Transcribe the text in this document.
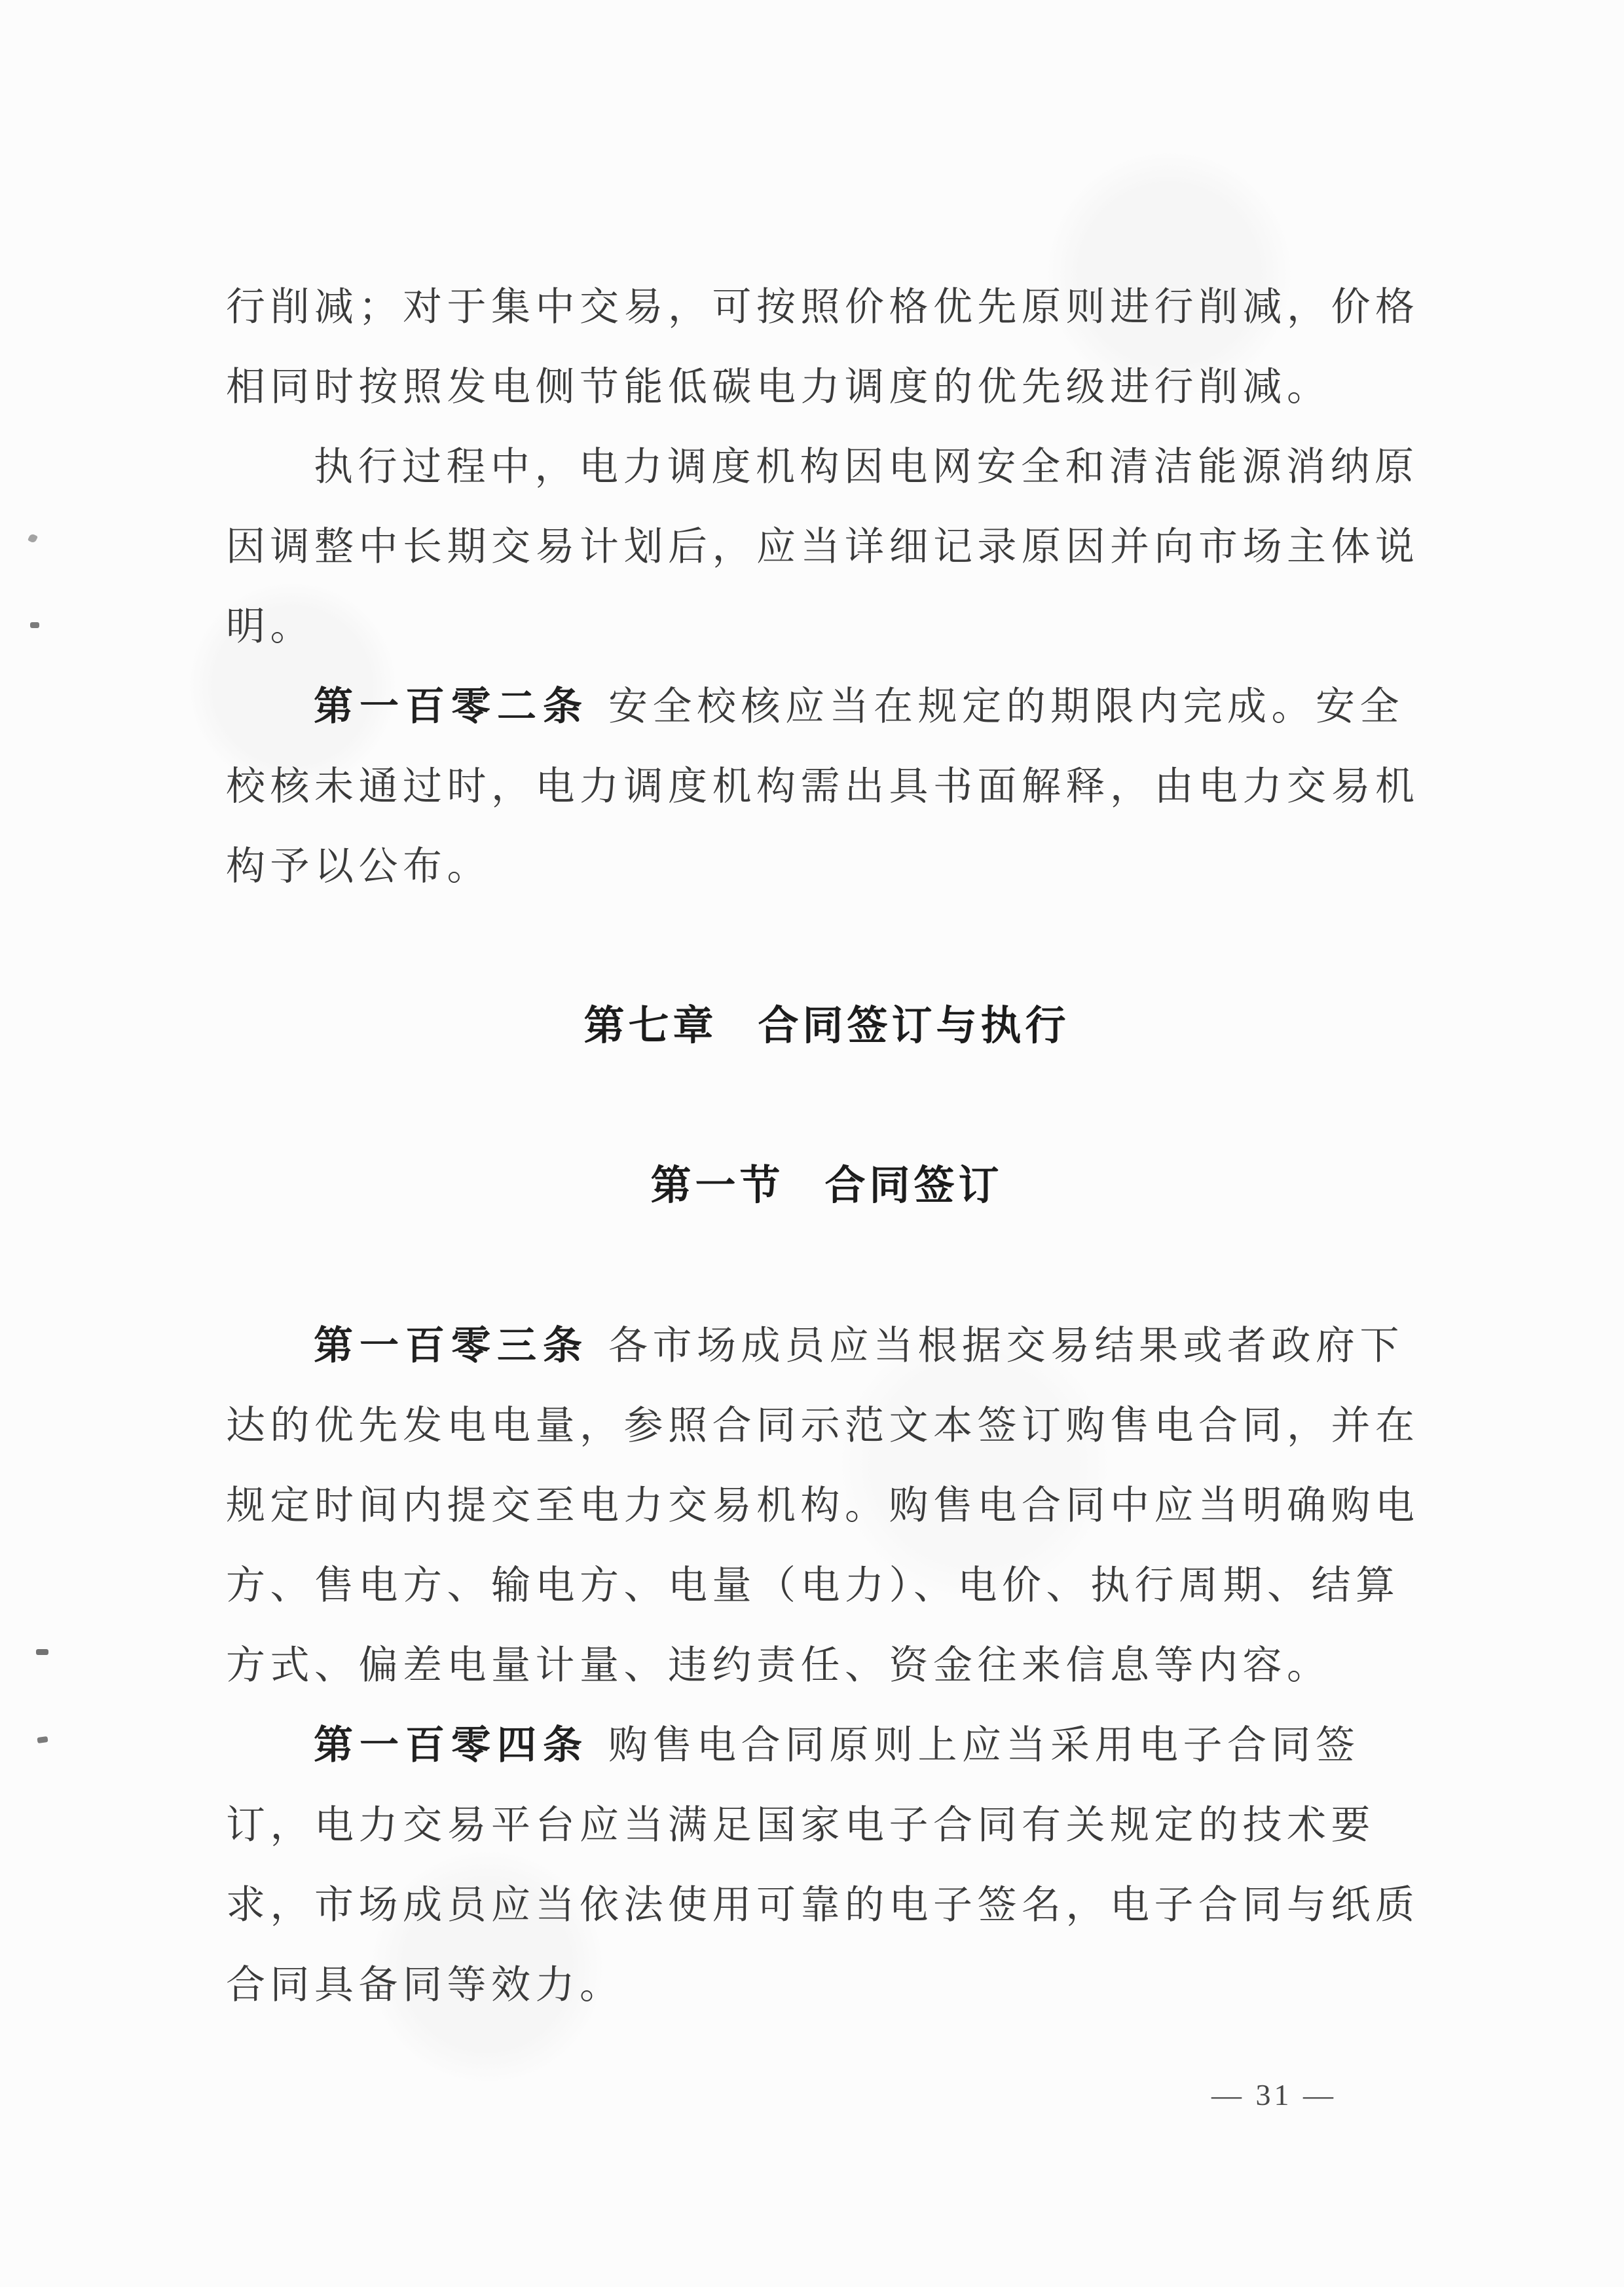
行削减；对于集中交易，可按照价格优先原则进行削减，价格
相同时按照发电侧节能低碳电力调度的优先级进行削减。
执行过程中，电力调度机构因电网安全和清洁能源消纳原
因调整中长期交易计划后，应当详细记录原因并向市场主体说
明。
第一百零二条 安全校核应当在规定的期限内完成。安全
校核未通过时，电力调度机构需出具书面解释，由电力交易机
构予以公布。
第七章 合同签订与执行
第一节 合同签订
第一百零三条 各市场成员应当根据交易结果或者政府下
达的优先发电电量，参照合同示范文本签订购售电合同，并在
规定时间内提交至电力交易机构。购售电合同中应当明确购电
方、售电方、输电方、电量（电力）、电价、执行周期、结算
方式、偏差电量计量、违约责任、资金往来信息等内容。
第一百零四条 购售电合同原则上应当采用电子合同签
订，电力交易平台应当满足国家电子合同有关规定的技术要
求，市场成员应当依法使用可靠的电子签名，电子合同与纸质
合同具备同等效力。
— 31 —
